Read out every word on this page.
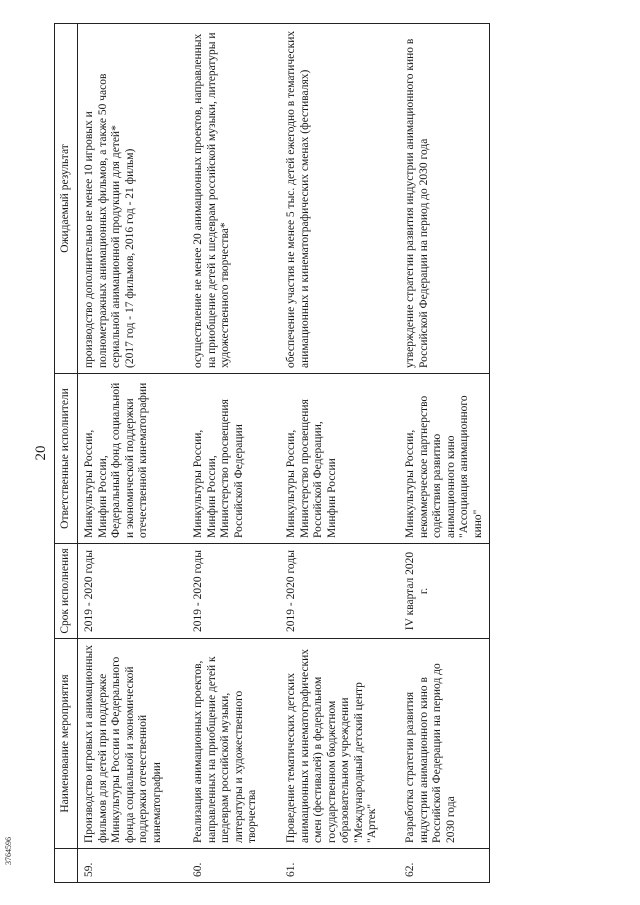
20
	Наименование мероприятия	Срок исполнения	Ответственные исполнители	Ожидаемый результат
59.	Производство игровых и анимационных фильмов для детей при поддержке Минкультуры России и Федерального фонда социальной и экономической поддержки отечественной кинематографии	2019 - 2020 годы	Минкультуры России,
Минфин России,
Федеральный фонд социальной и экономической поддержки отечественной кинематографии	производство дополнительно не менее 10 игровых и полнометражных анимационных фильмов, а также 50 часов сериальной анимационной продукции для детей*
(2017 год - 17 фильмов, 2016 год - 21 фильм)
60.	Реализация анимационных проектов, направленных на приобщение детей к шедеврам российской музыки, литературы и художественного творчества	2019 - 2020 годы	Минкультуры России,
Минфин России,
Министерство просвещения Российской Федерации	осуществление не менее 20 анимационных проектов, направленных на приобщение детей к шедеврам российской музыки, литературы и художественного творчества*
61.	Проведение тематических детских анимационных и кинематографических смен (фестивалей) в федеральном государственном бюджетном образовательном учреждении "Международный детский центр "Артек"	2019 - 2020 годы	Минкультуры России,
Министерство просвещения Российской Федерации,
Минфин России	обеспечение участия не менее 5 тыс. детей ежегодно в тематических анимационных и кинематографических сменах (фестивалях)
62.	Разработка стратегии развития индустрии анимационного кино в Российской Федерации на период до 2030 года	IV квартал 2020 г.	Минкультуры России,
некоммерческое партнерство содействия развитию анимационного кино "Ассоциация анимационного кино"	утверждение стратегии развития индустрии анимационного кино в Российской Федерации на период до 2030 года
3764596
